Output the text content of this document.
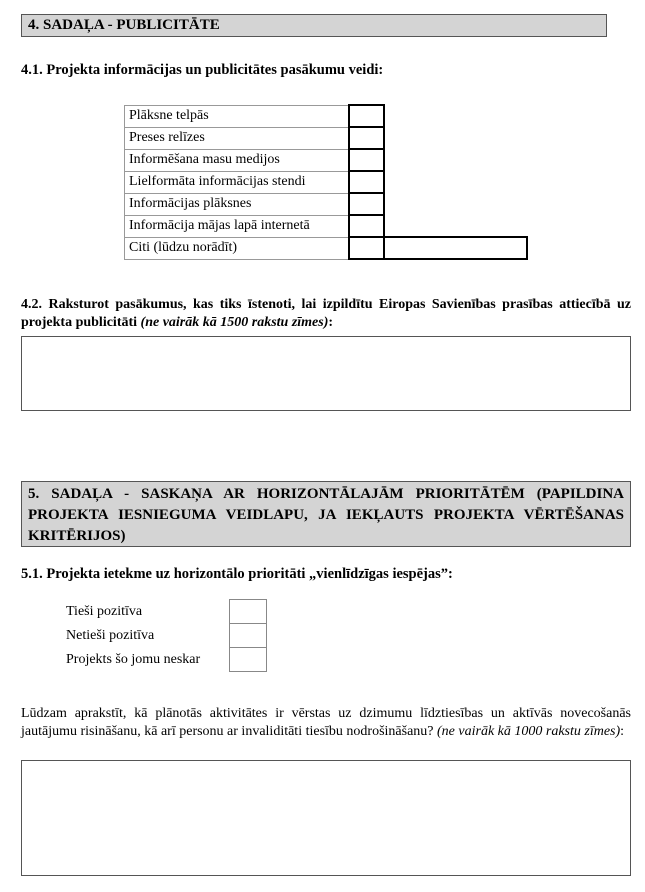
4. SADAĻA - PUBLICITĀTE
4.1. Projekta informācijas un publicitātes pasākumu veidi:
Plāksne telpās		
Preses relīzes		
Informēšana masu medijos		
Lielformāta informācijas stendi		
Informācijas plāksnes		
Informācija mājas lapā internetā		
Citi (lūdzu norādīt)		
4.2. Raksturot pasākumus, kas tiks īstenoti, lai izpildītu Eiropas Savienības prasības attiecībā uz projekta publicitāti (ne vairāk kā 1500 rakstu zīmes):
5. SADAĻA - SASKAŅA AR HORIZONTĀLAJĀM PRIORITĀTĒM (PAPILDINA PROJEKTA IESNIEGUMA VEIDLAPU, JA IEKĻAUTS PROJEKTA VĒRTĒŠANAS KRITĒRIJOS)
5.1. Projekta ietekme uz horizontālo prioritāti „vienlīdzīgas iespējas”:
Tieši pozitīva	
Netieši pozitīva	
Projekts šo jomu neskar	
Lūdzam aprakstīt, kā plānotās aktivitātes ir vērstas uz dzimumu līdztiesības un aktīvās novecošanās jautājumu risināšanu, kā arī personu ar invaliditāti tiesību nodrošināšanu? (ne vairāk kā 1000 rakstu zīmes):
